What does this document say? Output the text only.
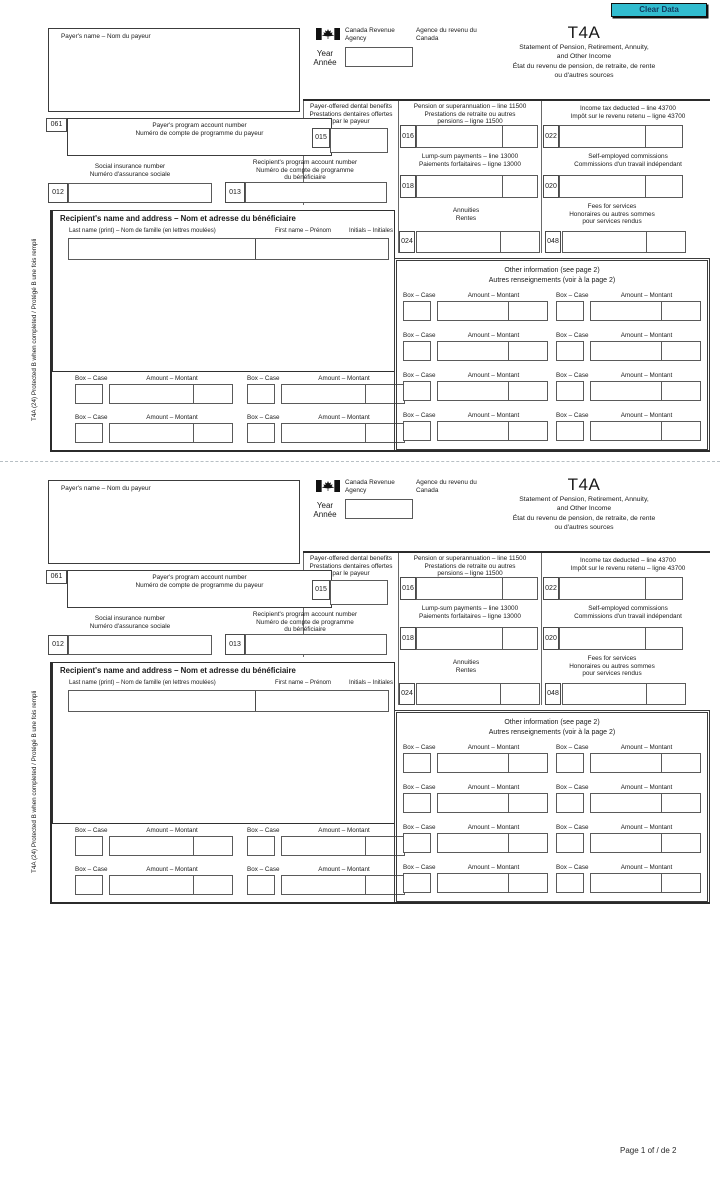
Clear Data
T4A (24) Protected B when completed / Protégé B une fois rempli
Payer's name – Nom du payeur
Canada Revenue Agency
Agence du revenu du Canada
Year
Année
T4A
Statement of Pension, Retirement, Annuity,
and Other Income
État du revenu de pension, de retraite, de rente
ou d'autres sources
061	Payer's program account number
Numéro de compte de programme du payeur
Social insurance number
Numéro d'assurance sociale
012
Recipient's program account number
Numéro de compte de programme
du bénéficiaire
013
Payer-offered dental benefits
Prestations dentaires offertes
par le payeur
015
Pension or superannuation – line 11500
Prestations de retraite ou autres
pensions – ligne 11500
016
Income tax deducted – line 43700
Impôt sur le revenu retenu – ligne 43700
022
Lump-sum payments – line 13000
Paiements forfaitaires – ligne 13000
018
Self-employed commissions
Commissions d'un travail indépendant
020
Annuities
Rentes
024
Fees for services
Honoraires ou autres sommes
pour services rendus
048
Recipient's name and address – Nom et adresse du bénéficiaire
Last name (print) – Nom de famille (en lettres moulées)	First name – Prénom	Initials – Initiales
Box – Case	Amount – Montant	Box – Case	Amount – Montant
Box – Case	Amount – Montant	Box – Case	Amount – Montant
Other information (see page 2)
Autres renseignements (voir à la page 2)
Box – Case	Amount – Montant	Box – Case	Amount – Montant
Box – Case	Amount – Montant	Box – Case	Amount – Montant
Box – Case	Amount – Montant	Box – Case	Amount – Montant
Box – Case	Amount – Montant	Box – Case	Amount – Montant
T4A (24) Protected B when completed / Protégé B une fois rempli
Payer's name – Nom du payeur
Canada Revenue Agency
Agence du revenu du Canada
Year
Année
T4A
Statement of Pension, Retirement, Annuity,
and Other Income
État du revenu de pension, de retraite, de rente
ou d'autres sources
061	Payer's program account number
Numéro de compte de programme du payeur
Social insurance number
Numéro d'assurance sociale
012
Recipient's program account number
Numéro de compte de programme
du bénéficiaire
013
Payer-offered dental benefits
Prestations dentaires offertes
par le payeur
015
Pension or superannuation – line 11500
Prestations de retraite ou autres
pensions – ligne 11500
016
Income tax deducted – line 43700
Impôt sur le revenu retenu – ligne 43700
022
Lump-sum payments – line 13000
Paiements forfaitaires – ligne 13000
018
Self-employed commissions
Commissions d'un travail indépendant
020
Annuities
Rentes
024
Fees for services
Honoraires ou autres sommes
pour services rendus
048
Recipient's name and address – Nom et adresse du bénéficiaire
Last name (print) – Nom de famille (en lettres moulées)	First name – Prénom	Initials – Initiales
Box – Case	Amount – Montant	Box – Case	Amount – Montant
Box – Case	Amount – Montant	Box – Case	Amount – Montant
Other information (see page 2)
Autres renseignements (voir à la page 2)
Box – Case	Amount – Montant	Box – Case	Amount – Montant
Box – Case	Amount – Montant	Box – Case	Amount – Montant
Box – Case	Amount – Montant	Box – Case	Amount – Montant
Box – Case	Amount – Montant	Box – Case	Amount – Montant
Page 1 of / de 2
